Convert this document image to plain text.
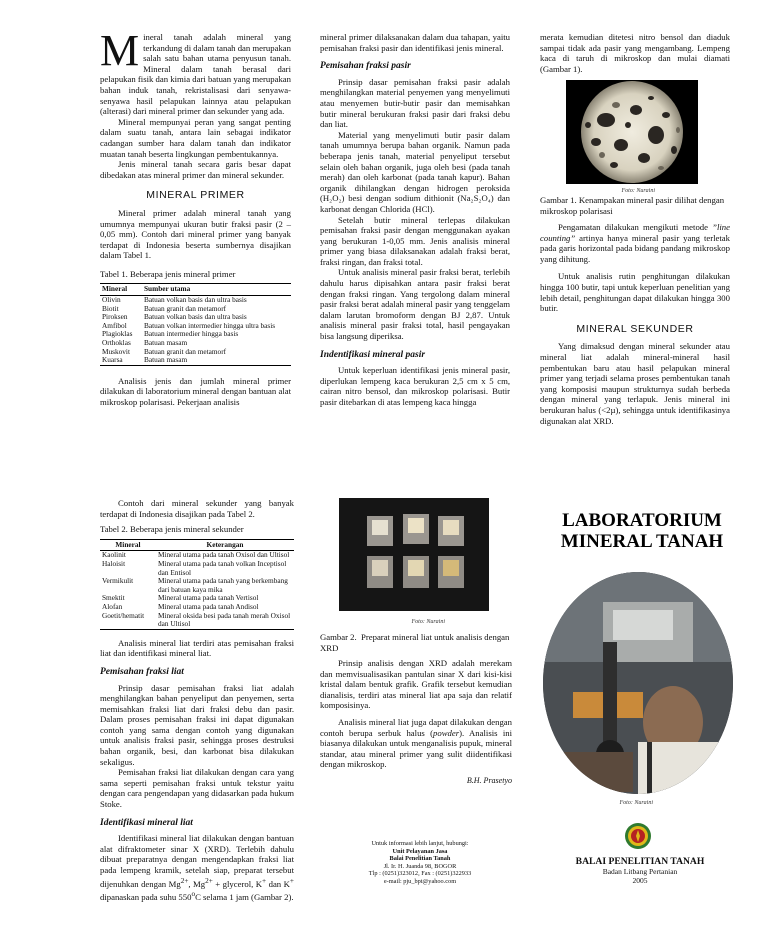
Mineral tanah adalah mineral yang terkandung di dalam tanah dan merupakan salah satu bahan utama penyusun tanah. Mineral dalam tanah berasal dari pelapukan fisik dan kimia dari batuan yang merupakan bahan induk tanah, rekristalisasi dari senyawa-senyawa hasil pelapukan lainnya atau pelapukan (alterasi) dari mineral primer dan sekunder yang ada.

Mineral mempunyai peran yang sangat penting dalam suatu tanah, antara lain sebagai indikator cadangan sumber hara dalam tanah dan indikator muatan tanah beserta lingkungan pembentukannya.

Jenis mineral tanah secara garis besar dapat dibedakan atas mineral primer dan mineral sekunder.

MINERAL PRIMER

Mineral primer adalah mineral tanah yang umumnya mempunyai ukuran butir fraksi pasir (2 – 0,05 mm). Contoh dari mineral primer yang banyak terdapat di Indonesia beserta sumbernya disajikan dalam Tabel 1.

Tabel 1. Beberapa jenis mineral primer
Mineral	Sumber utama
Olivin	Batuan volkan basis dan ultra basis
Biotit	Batuan granit dan metamorf
Piroksen	Batuan volkan basis dan ultra basis
Amfibol	Batuan volkan intermedier hingga ultra basis
Plagioklas	Batuan intermedier hingga basis
Orthoklas	Batuan masam
Muskovit	Batuan granit dan metamorf
Kuarsa	Batuan masam

Analisis jenis dan jumlah mineral primer dilakukan di laboratorium mineral dengan bantuan alat mikroskop polarisasi. Pekerjaan analisis

mineral primer dilaksanakan dalam dua tahapan, yaitu pemisahan fraksi pasir dan identifikasi jenis mineral.

Pemisahan fraksi pasir

Prinsip dasar pemisahan fraksi pasir adalah menghilangkan material penyemen yang menyelimuti atau menyemen butir-butir pasir dan memisahkan butir mineral berukuran fraksi pasir dari fraksi debu dan liat.

Material yang menyelimuti butir pasir dalam tanah umumnya berupa bahan organik. Namun pada beberapa jenis tanah, material penyeliput tersebut selain oleh bahan organik, juga oleh besi (pada tanah merah) dan oleh karbonat (pada tanah kapur). Bahan organik dihilangkan dengan hidrogen peroksida (H₂O₂) besi dengan sodium dithionit (Na₂S₂O₄) dan karbonat dengan Chlorida (HCl).

Setelah butir mineral terlepas dilakukan pemisahan fraksi pasir dengan menggunakan ayakan yang berukuran 1-0,05 mm. Jenis analisis mineral primer yang biasa dilaksanakan adalah fraksi berat, fraksi ringan, dan fraksi total.

Untuk analisis mineral pasir fraksi berat, terlebih dahulu harus dipisahkan antara pasir fraksi berat dengan fraksi ringan. Yang tergolong dalam mineral pasir fraksi berat adalah mineral pasir yang tenggelam dalam larutan bromoform dengan BJ 2,87. Untuk analisis mineral pasir fraksi total, hasil pengayakan bisa langsung diperiksa.

Indentifikasi mineral pasir

Untuk keperluan identifikasi jenis mineral pasir, diperlukan lempeng kaca berukuran 2,5 cm x 5 cm, cairan nitro bensol, dan mikroskop polarisasi. Butir pasir ditebarkan di atas lempeng kaca hingga

merata kemudian ditetesi nitro bensol dan diaduk sampai tidak ada pasir yang mengambang. Lempeng kaca di taruh di mikroskop dan mulai diamati (Gambar 1).

Foto: Nuraini
Gambar 1. Kenampakan mineral pasir dilihat dengan mikroskop polarisasi

Pengamatan dilakukan mengikuti metode ”line counting” artinya hanya mineral pasir yang terletak pada garis horizontal pada bidang pandang mikroskop yang dihitung.

Untuk analisis rutin penghitungan dilakukan hingga 100 butir, tapi untuk keperluan penelitian yang lebih detail, penghitungan dapat dilakukan hingga 300 butir.

MINERAL SEKUNDER

Yang dimaksud dengan mineral sekunder atau mineral liat adalah mineral-mineral hasil pembentukan baru atau hasil pelapukan mineral primer yang terjadi selama proses pembentukan tanah yang komposisi maupun strukturnya sudah berbeda dengan mineral yang terlapuk. Jenis mineral ini berukuran halus (<2µ), sehingga untuk identifikasinya digunakan alat XRD.

Contoh dari mineral sekunder yang banyak terdapat di Indonesia disajikan pada Tabel 2.

Tabel 2. Beberapa jenis mineral sekunder
Mineral	Keterangan
Kaolinit	Mineral utama pada tanah Oxisol dan Ultisol
Haloisit	Mineral utama pada tanah volkan Inceptisol dan Entisol
Vermikulit	Mineral utama pada tanah yang berkembang dari batuan kaya mika
Smektit	Mineral utama pada tanah Vertisol
Alofan	Mineral utama pada tanah Andisol
Goetit/hematit	Mineral oksida besi pada tanah merah Oxisol dan Ultisol

Analisis mineral liat terdiri atas pemisahan fraksi liat dan identifikasi mineral liat.

Pemisahan fraksi liat

Prinsip dasar pemisahan fraksi liat adalah menghilangkan bahan penyeliput dan penyemen, serta memisahkan fraksi liat dari fraksi debu dan pasir. Dalam proses pemisahan fraksi ini dapat digunakan contoh yang sama dengan contoh yang digunakan untuk analisis fraksi pasir, sehingga proses destruksi bahan organik, besi, dan karbonat bisa dilakukan sekaligus.

Pemisahan fraksi liat dilakukan dengan cara yang sama seperti pemisahan fraksi untuk tekstur yaitu dengan cara pengendapan yang didasarkan pada hukum Stoke.

Identifikasi mineral liat

Identifikasi mineral liat dilakukan dengan bantuan alat difraktometer sinar X (XRD). Terlebih dahulu dibuat preparatnya dengan mengendapkan fraksi liat pada lempeng kramik, setelah siap, preparat tersebut dijenuhkan dengan $Mg^{2+}$, $Mg^{2+}$ + glycerol, K+ dan K+ dipanaskan pada suhu 550$^o$C selama 1 jam (Gambar 2).

Foto: Nuraini
Gambar 2. Preparat mineral liat untuk analisis dengan XRD

Prinsip analisis dengan XRD adalah merekam dan memvisualisasikan pantulan sinar X dari kisi-kisi kristal dalam bentuk grafik. Grafik tersebut kemudian dianalisis, terdiri atas mineral liat apa saja dan relatif komposisinya.

Analisis mineral liat juga dapat dilakukan dengan contoh berupa serbuk halus (powder). Analisis ini biasanya dilakukan untuk menganalisis pupuk, mineral standar, atau mineral primer yang sulit diidentifikasi dengan mikroskop.

B.H. Prasetyo
Untuk informasi lebih lanjut, hubungi:
Unit Pelayanan Jasa
Balai Penelitian Tanah
Jl. Ir. H. Juanda 98, BOGOR
Tlp : (0251)323012, Fax : (0251)322933
e-mail: pju_bpt@yahoo.com
LABORATORIUM
MINERAL TANAH
Foto: Nuraini
BALAI PENELITIAN TANAH
Badan Litbang Pertanian
2005
